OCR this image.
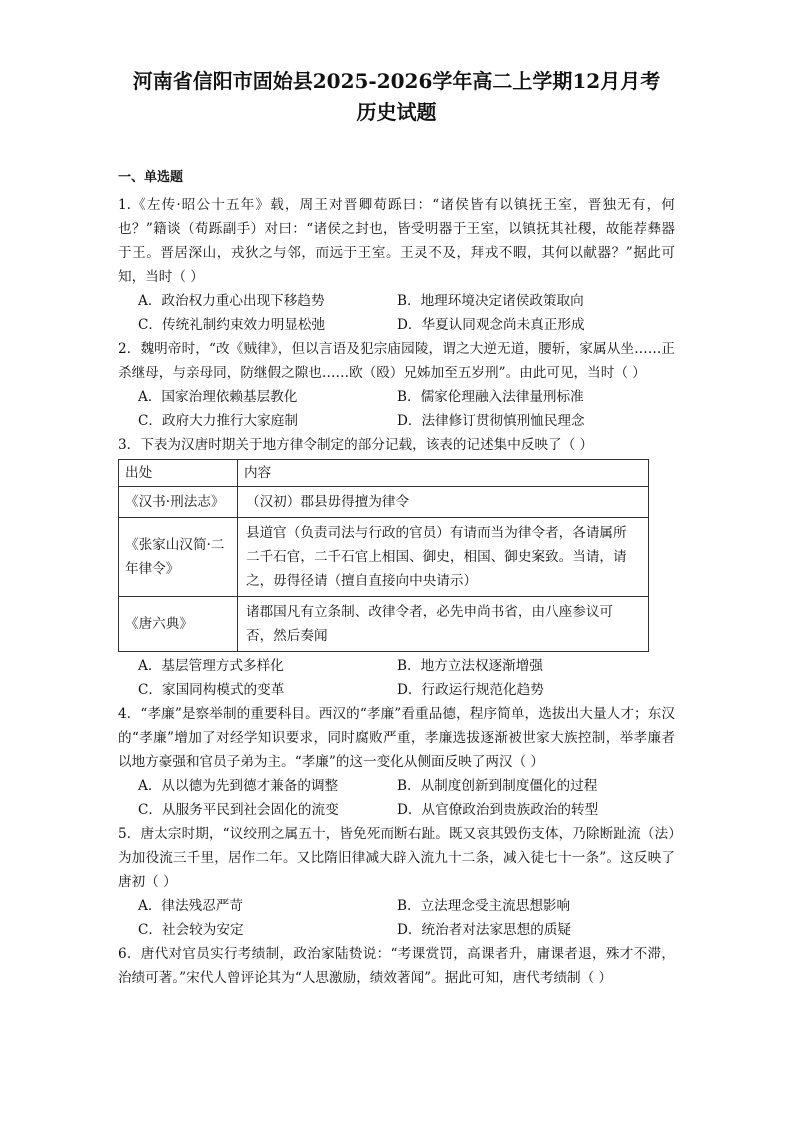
河南省信阳市固始县2025-2026学年高二上学期12月月考
历史试题
一、单选题
1.《左传·昭公十五年》载，周王对晋卿荀跞曰：“诸侯皆有以镇抚王室，晋独无有，何也？”籍谈（荀跞副手）对曰：“诸侯之封也，皆受明器于王室，以镇抚其社稷，故能荐彝器于王。晋居深山，戎狄之与邻，而远于王室。王灵不及，拜戎不暇，其何以献器？”据此可知，当时（ ）
A．政治权力重心出现下移趋势	B．地理环境决定诸侯政策取向
C．传统礼制约束效力明显松弛	D．华夏认同观念尚未真正形成
2．魏明帝时，“改《贼律》，但以言语及犯宗庙园陵，谓之大逆无道，腰斩，家属从坐……正杀继母，与亲母同，防继假之隙也……欧（殴）兄姊加至五岁刑”。由此可见，当时（ ）
A．国家治理依赖基层教化	B．儒家伦理融入法律量刑标准
C．政府大力推行大家庭制	D．法律修订贯彻慎刑恤民理念
3．下表为汉唐时期关于地方律令制定的部分记载，该表的记述集中反映了（ ）
出处	内容
《汉书·刑法志》	（汉初）郡县毋得擅为律令
《张家山汉简·二年律令》	县道官（负责司法与行政的官员）有请而当为律令者，各请属所二千石官，二千石官上相国、御史，相国、御史案致。当请，请之，毋得径请（擅自直接向中央请示）
《唐六典》	诸郡国凡有立条制、改律令者，必先申尚书省，由八座参议可否，然后奏闻
A．基层管理方式多样化	B．地方立法权逐渐增强
C．家国同构模式的变革	D．行政运行规范化趋势
4．“孝廉”是察举制的重要科目。西汉的“孝廉”看重品德，程序简单，选拔出大量人才；东汉的“孝廉”增加了对经学知识要求，同时腐败严重，孝廉选拔逐渐被世家大族控制，举孝廉者以地方豪强和官员子弟为主。“孝廉”的这一变化从侧面反映了两汉（ ）
A．从以德为先到德才兼备的调整	B．从制度创新到制度僵化的过程
C．从服务平民到社会固化的流变	D．从官僚政治到贵族政治的转型
5．唐太宗时期，“议绞刑之属五十，皆免死而断右趾。既又哀其毁伤支体，乃除断趾流（法）为加役流三千里，居作二年。又比隋旧律减大辟入流九十二条，减入徒七十一条”。这反映了唐初（ ）
A．律法残忍严苛	B．立法理念受主流思想影响
C．社会较为安定	D．统治者对法家思想的质疑
6．唐代对官员实行考绩制，政治家陆贽说：“考课赏罚，高课者升，庸课者退，殊才不滞，治绩可著。”宋代人曾评论其为“人思激励，绩效著闻”。据此可知，唐代考绩制（ ）
